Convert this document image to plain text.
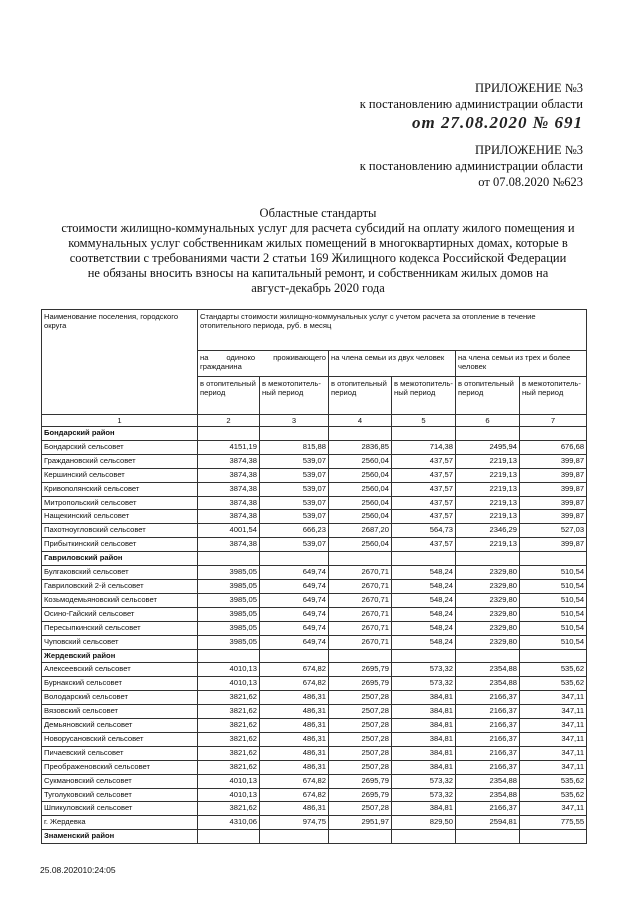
ПРИЛОЖЕНИЕ №3
к постановлению администрации области
от 27.08.2020 № 691
ПРИЛОЖЕНИЕ №3
к постановлению администрации области
от 07.08.2020 №623
Областные стандарты
стоимости жилищно-коммунальных услуг для расчета субсидий на оплату жилого помещения и
коммунальных услуг собственникам жилых помещений в многоквартирных домах, которые в
соответствии с требованиями части 2 статьи 169 Жилищного кодекса Российской Федерации
не обязаны вносить взносы на капитальный ремонт, и собственникам жилых домов на
август-декабрь 2020 года
Наименование поселения, городского округа	Стандарты стоимости жилищно-коммунальных услуг с учетом расчета за отопление в течение отопительного периода, руб. в месяц					
	на одиноко проживающего гражданина		на члена семьи из двух человек		на члена семьи из трех и более человек	
	в отопительный период	в межотопитель-ный период	в отопительный период	в межотопитель-ный период	в отопительный период	в межотопитель-ный период
1	2	3	4	5	6	7
Бондарский район						
Бондарский сельсовет	4151,19	815,88	2836,85	714,38	2495,94	676,68
Граждановский сельсовет	3874,38	539,07	2560,04	437,57	2219,13	399,87
Кершинский сельсовет	3874,38	539,07	2560,04	437,57	2219,13	399,87
Кривополянский сельсовет	3874,38	539,07	2560,04	437,57	2219,13	399,87
Митропольский сельсовет	3874,38	539,07	2560,04	437,57	2219,13	399,87
Нащекинский сельсовет	3874,38	539,07	2560,04	437,57	2219,13	399,87
Пахотноугловский сельсовет	4001,54	666,23	2687,20	564,73	2346,29	527,03
Прибыткинский сельсовет	3874,38	539,07	2560,04	437,57	2219,13	399,87
Гавриловский район						
Булгаковский сельсовет	3985,05	649,74	2670,71	548,24	2329,80	510,54
Гавриловский 2-й сельсовет	3985,05	649,74	2670,71	548,24	2329,80	510,54
Козьмодемьяновский сельсовет	3985,05	649,74	2670,71	548,24	2329,80	510,54
Осино-Гайский сельсовет	3985,05	649,74	2670,71	548,24	2329,80	510,54
Пересыпкинский сельсовет	3985,05	649,74	2670,71	548,24	2329,80	510,54
Чуповский сельсовет	3985,05	649,74	2670,71	548,24	2329,80	510,54
Жердевский район						
Алексеевский сельсовет	4010,13	674,82	2695,79	573,32	2354,88	535,62
Бурнакский сельсовет	4010,13	674,82	2695,79	573,32	2354,88	535,62
Володарский сельсовет	3821,62	486,31	2507,28	384,81	2166,37	347,11
Вязовский сельсовет	3821,62	486,31	2507,28	384,81	2166,37	347,11
Демьяновский сельсовет	3821,62	486,31	2507,28	384,81	2166,37	347,11
Новорусановский сельсовет	3821,62	486,31	2507,28	384,81	2166,37	347,11
Пичаевский сельсовет	3821,62	486,31	2507,28	384,81	2166,37	347,11
Преображеновский сельсовет	3821,62	486,31	2507,28	384,81	2166,37	347,11
Сукмановский сельсовет	4010,13	674,82	2695,79	573,32	2354,88	535,62
Туголуковский сельсовет	4010,13	674,82	2695,79	573,32	2354,88	535,62
Шпикуловский сельсовет	3821,62	486,31	2507,28	384,81	2166,37	347,11
г. Жердевка	4310,06	974,75	2951,97	829,50	2594,81	775,55
Знаменский район						
25.08.202010:24:05
